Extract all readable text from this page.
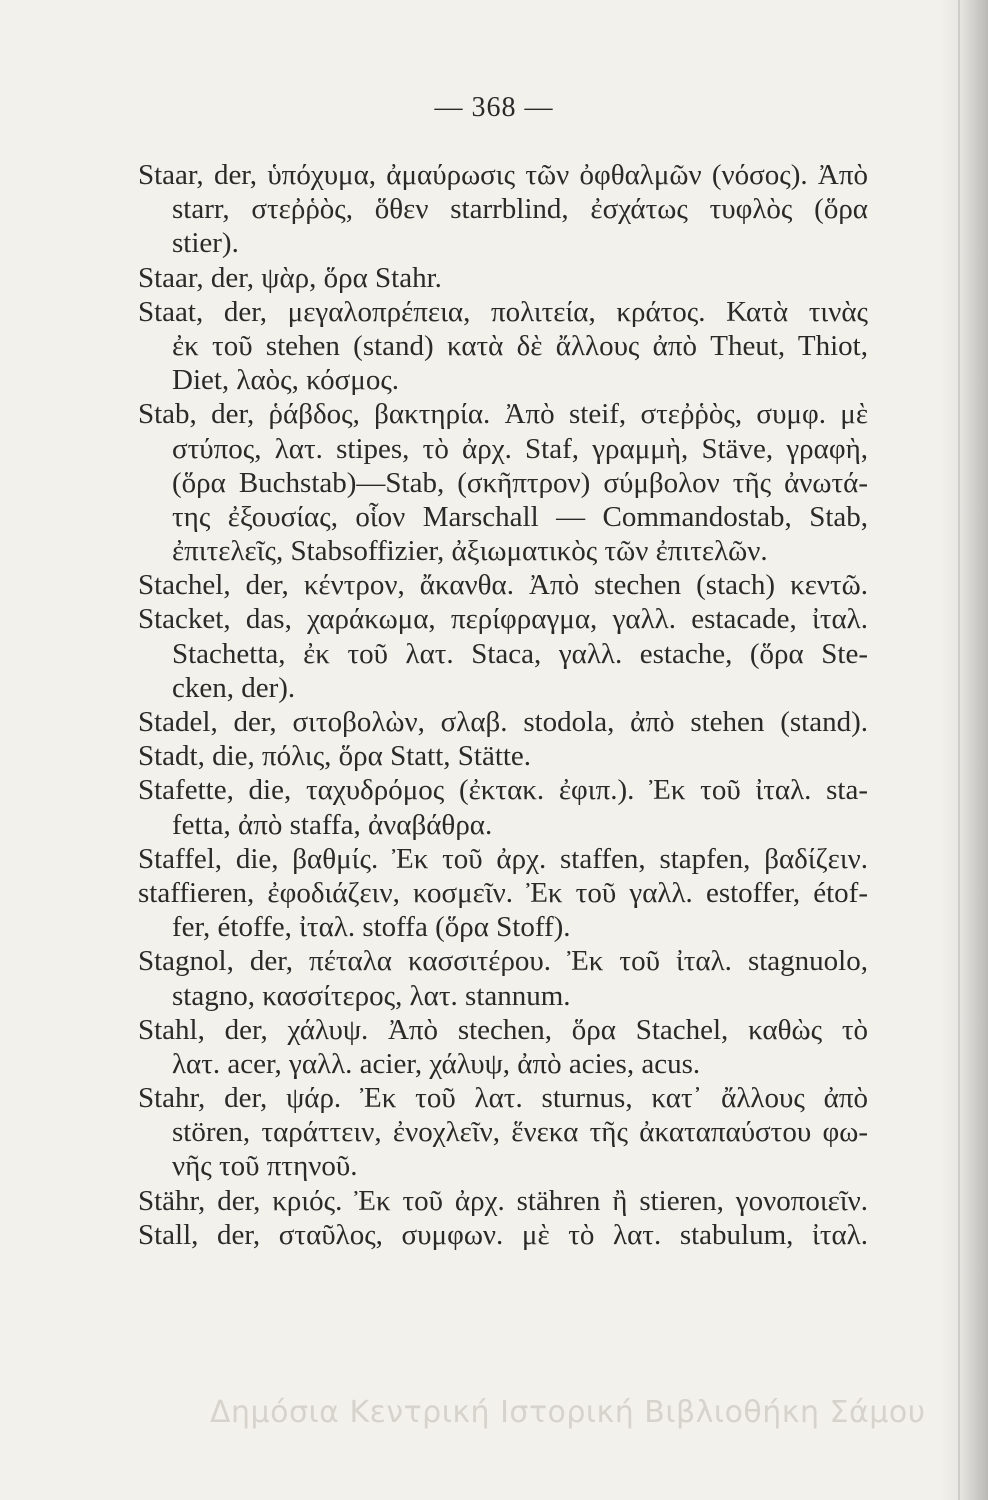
— 368 —
Staar, der, ὑπόχυμα, ἀμαύρωσις τῶν ὀφθαλμῶν (νόσος). Ἀπὸ
starr, στεῤῥὸς, ὅθεν starrblind, ἐσχάτως τυφλὸς (ὅρα
stier).
Staar, der, ψὰρ, ὅρα Stahr.
Staat, der, μεγαλοπρέπεια, πολιτεία, κράτος. Κατὰ τινὰς
ἐκ τοῦ stehen (stand) κατὰ δὲ ἄλλους ἀπὸ Theut, Thiot,
Diet, λαὸς, κόσμος.
Stab, der, ῥάβδος, βακτηρία. Ἀπὸ steif, στεῤῥὸς, συμφ. μὲ
στύπος, λατ. stipes, τὸ ἀρχ. Staf, γραμμὴ, Stäve, γραφὴ,
(ὅρα Buchstab)—Stab, (σκῆπτρον) σύμβολον τῆς ἀνωτά-
της ἐξουσίας, οἷον Marschall — Commandostab, Stab,
ἐπιτελεῖς, Stabsoffizier, ἀξιωματικὸς τῶν ἐπιτελῶν.
Stachel, der, κέντρον, ἄκανθα. Ἀπὸ stechen (stach) κεντῶ.
Stacket, das, χαράκωμα, περίφραγμα, γαλλ. estacade, ἰταλ.
Stachetta, ἐκ τοῦ λατ. Staca, γαλλ. estache, (ὅρα Ste-
cken, der).
Stadel, der, σιτοβολὼν, σλαβ. stodola, ἀπὸ stehen (stand).
Stadt, die, πόλις, ὅρα Statt, Stätte.
Stafette, die, ταχυδρόμος (ἐκτακ. ἐφιπ.). Ἐκ τοῦ ἰταλ. sta-
fetta, ἀπὸ staffa, ἀναβάθρα.
Staffel, die, βαθμίς. Ἐκ τοῦ ἀρχ. staffen, stapfen, βαδίζειν.
staffieren, ἐφοδιάζειν, κοσμεῖν. Ἐκ τοῦ γαλλ. estoffer, étof-
fer, étoffe, ἰταλ. stoffa (ὅρα Stoff).
Stagnol, der, πέταλα κασσιτέρου. Ἐκ τοῦ ἰταλ. stagnuolo,
stagno, κασσίτερος, λατ. stannum.
Stahl, der, χάλυψ. Ἀπὸ stechen, ὅρα Stachel, καθὼς τὸ
λατ. acer, γαλλ. acier, χάλυψ, ἀπὸ acies, acus.
Stahr, der, ψάρ. Ἐκ τοῦ λατ. sturnus, κατ᾽ ἄλλους ἀπὸ
stören, ταράττειν, ἐνοχλεῖν, ἕνεκα τῆς ἀκαταπαύστου φω-
νῆς τοῦ πτηνοῦ.
Stähr, der, κριός. Ἐκ τοῦ ἀρχ. stähren ἢ stieren, γονοποιεῖν.
Stall, der, σταῦλος, συμφων. μὲ τὸ λατ. stabulum, ἰταλ.
Δημόσια Κεντρική Ιστορική Βιβλιοθήκη Σάμου
